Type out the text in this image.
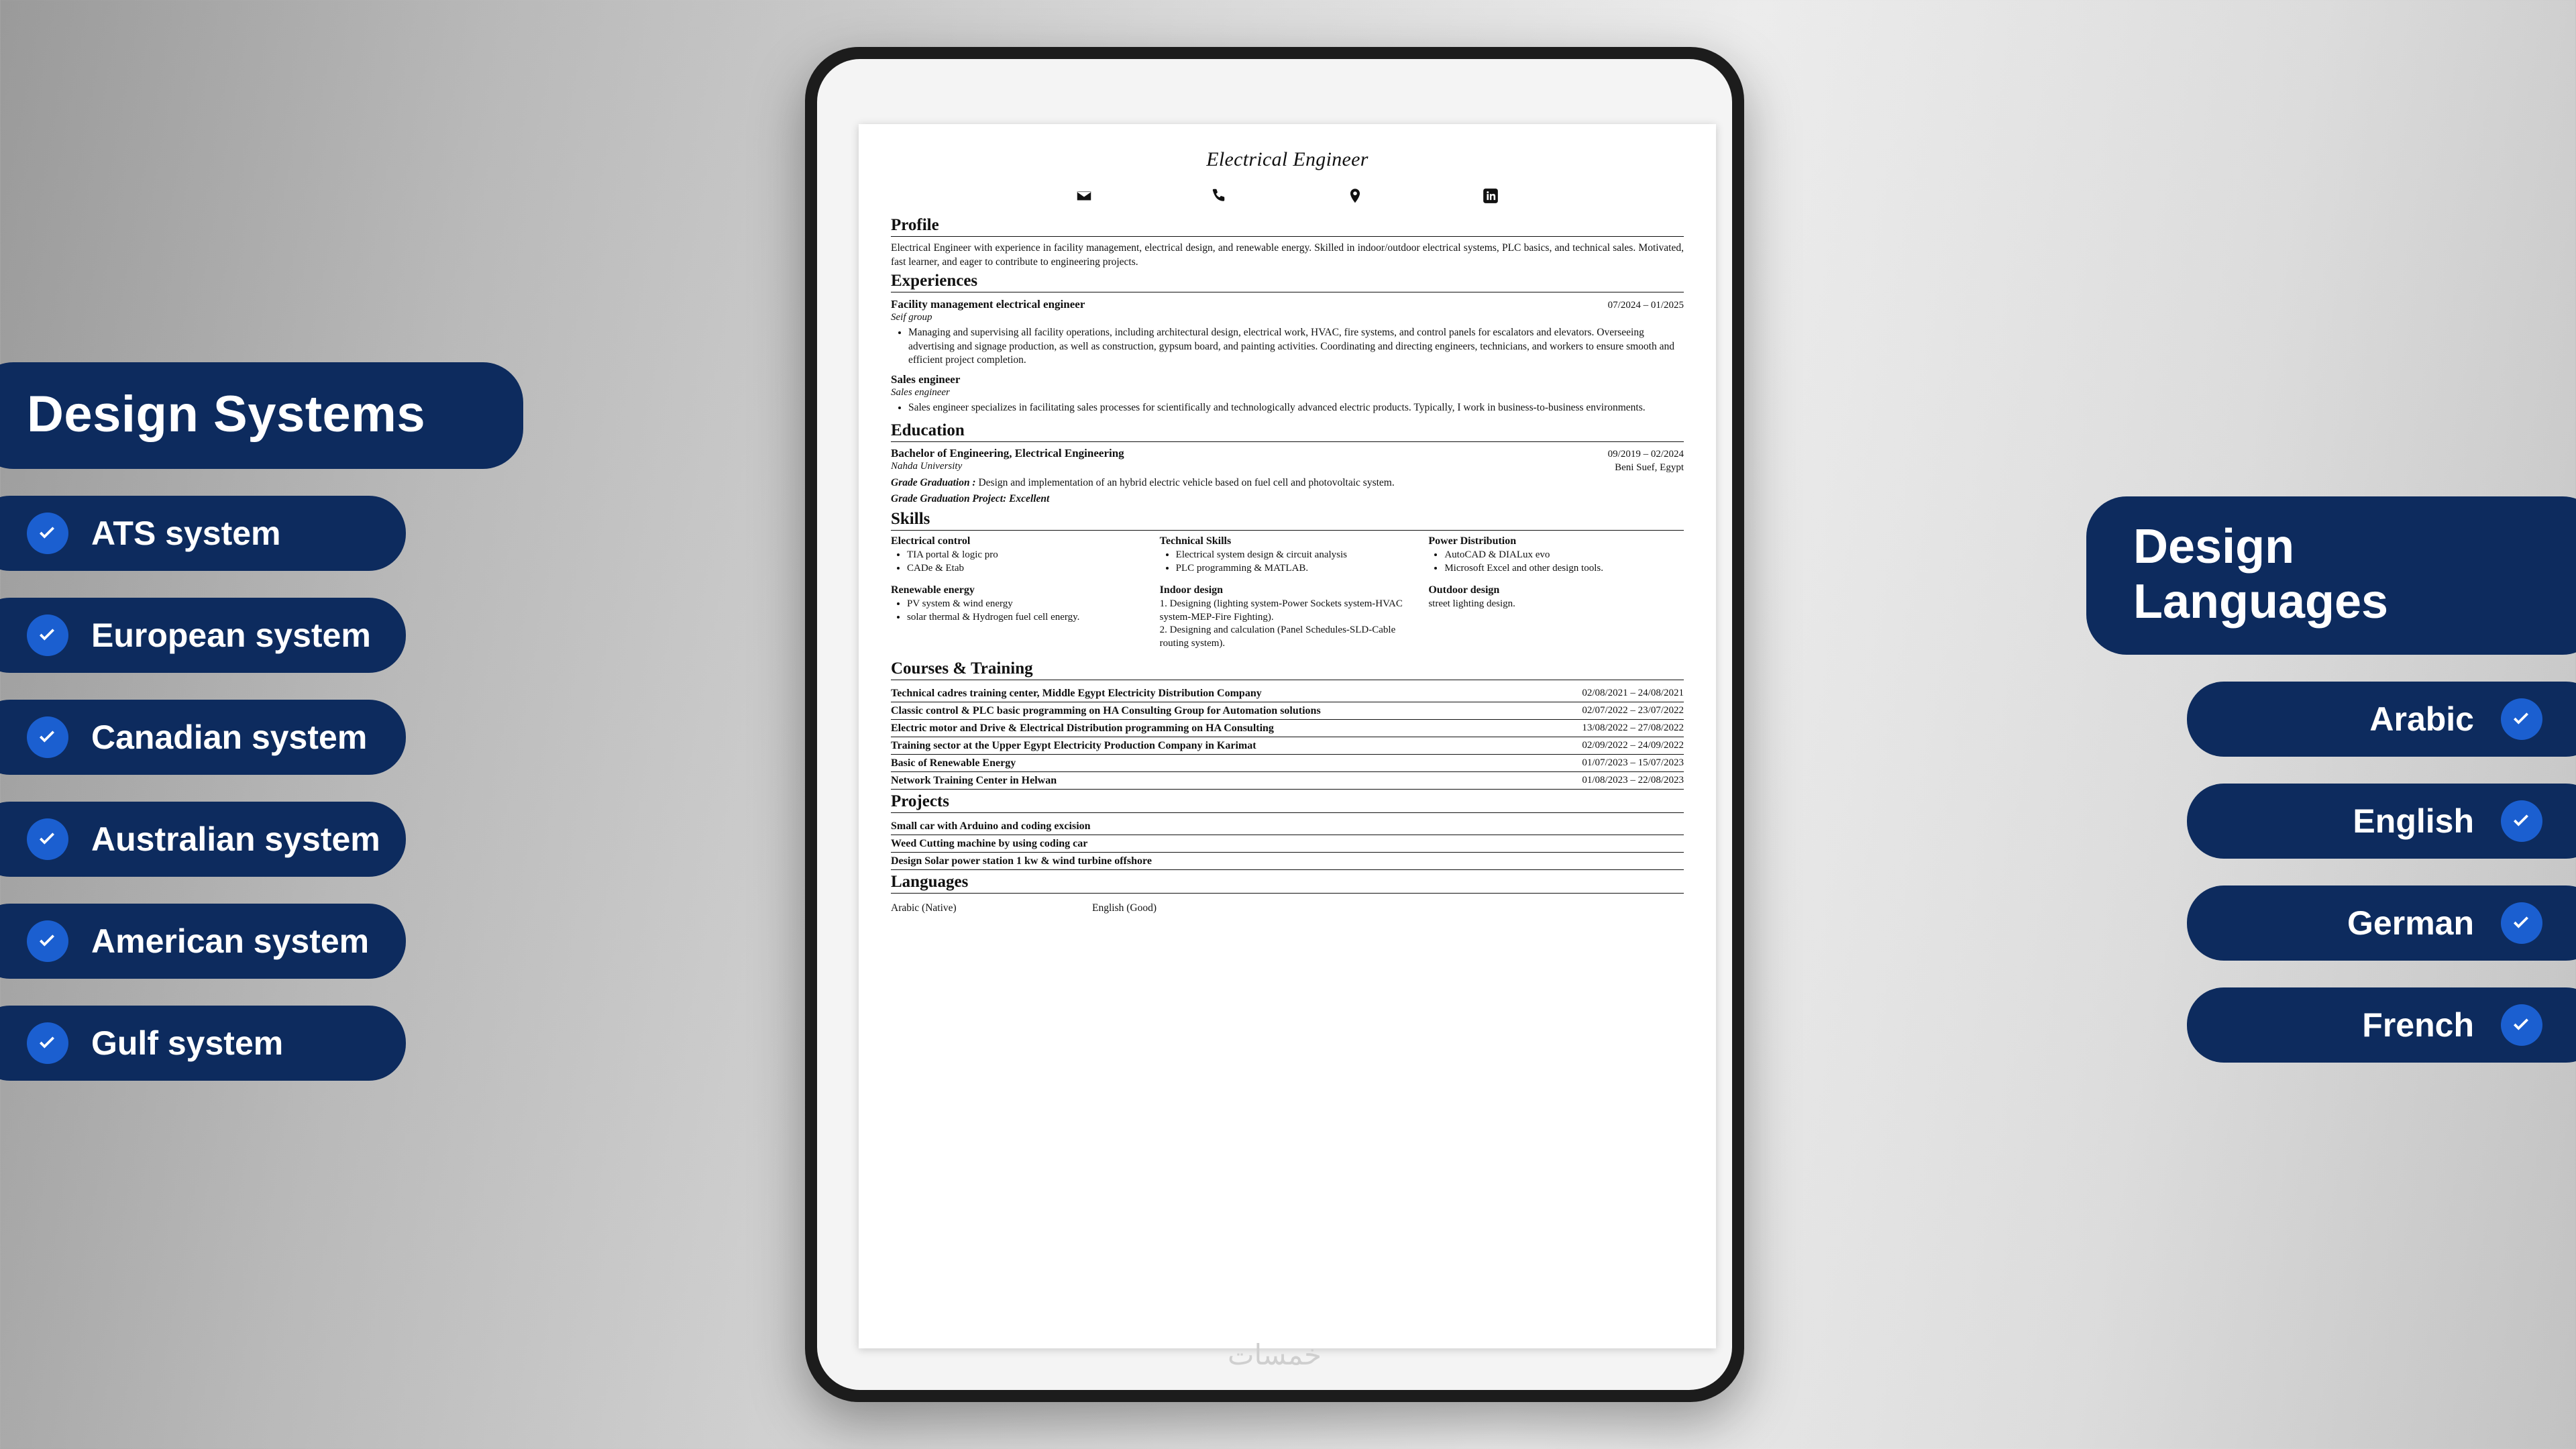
Design Systems
ATS system
European system
Canadian system
Australian system
American system
Gulf system
Design Languages
Arabic
English
German
French
Electrical Engineer
Profile
Electrical Engineer with experience in facility management, electrical design, and renewable energy. Skilled in indoor/outdoor electrical systems, PLC basics, and technical sales. Motivated, fast learner, and eager to contribute to engineering projects.
Experiences
Facility management electrical engineer	07/2024 – 01/2025
Seif group
• Managing and supervising all facility operations, including architectural design, electrical work, HVAC, fire systems, and control panels for escalators and elevators. Overseeing advertising and signage production, as well as construction, gypsum board, and painting activities. Coordinating and directing engineers, technicians, and workers to ensure smooth and efficient project completion.
Sales engineer
Sales engineer
• Sales engineer specializes in facilitating sales processes for scientifically and technologically advanced electric products. Typically, I work in business-to-business environments.
Education
Bachelor of Engineering, Electrical Engineering
Nahda University
09/2019 – 02/2024
Beni Suef, Egypt
Grade Graduation : Design and implementation of an hybrid electric vehicle based on fuel cell and photovoltaic system.
Grade Graduation Project: Excellent
Skills
Electrical control
• TIA portal & logic pro
• CADe & Etab
Technical Skills
• Electrical system design & circuit analysis
• PLC programming & MATLAB.
Power Distribution
• AutoCAD & DIALux evo
• Microsoft Excel and other design tools.
Renewable energy
• PV system & wind energy
• solar thermal & Hydrogen fuel cell energy.
Indoor design

1. Designing (lighting system-Power Sockets system-HVAC system-MEP-Fire Fighting).

2. Designing and calculation (Panel Schedules-SLD-Cable routing system).

Outdoor design

street lighting design.

Courses & Training
Technical cadres training center, Middle Egypt Electricity Distribution Company	02/08/2021 – 24/08/2021
Classic control & PLC basic programming on HA Consulting Group for Automation solutions	02/07/2022 – 23/07/2022
Electric motor and Drive & Electrical Distribution programming on HA Consulting	13/08/2022 – 27/08/2022
Training sector at the Upper Egypt Electricity Production Company in Karimat	02/09/2022 – 24/09/2022
Basic of Renewable Energy	01/07/2023 – 15/07/2023
Network Training Center in Helwan	01/08/2023 – 22/08/2023
Projects
Small car with Arduino and coding excision
Weed Cutting machine by using coding car
Design Solar power station 1 kw & wind turbine offshore
Languages
Arabic (Native)	English (Good)
خمسات
